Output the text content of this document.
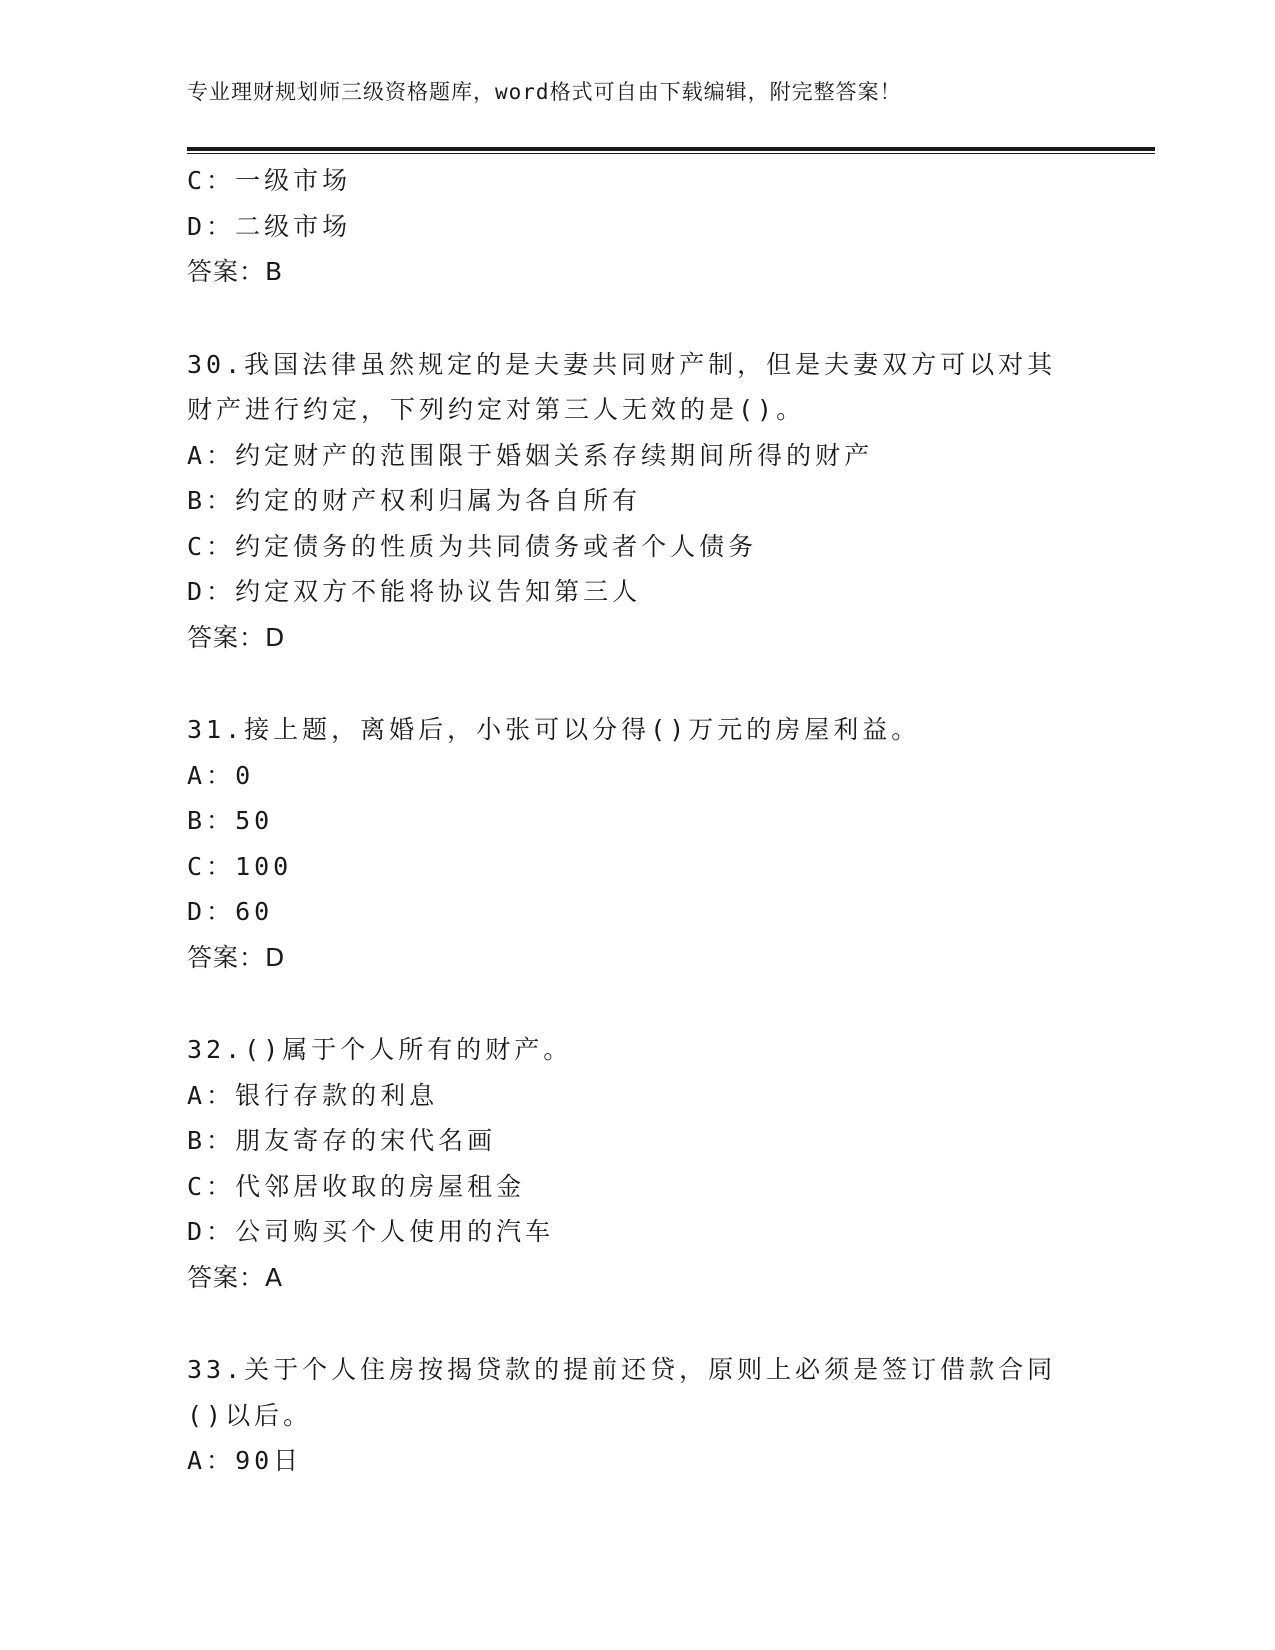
专业理财规划师三级资格题库，word格式可自由下载编辑，附完整答案！
C：一级市场
D：二级市场
答案：B
30.我国法律虽然规定的是夫妻共同财产制，但是夫妻双方可以对其财产进行约定，下列约定对第三人无效的是()。
A：约定财产的范围限于婚姻关系存续期间所得的财产
B：约定的财产权利归属为各自所有
C：约定债务的性质为共同债务或者个人债务
D：约定双方不能将协议告知第三人
答案：D
31.接上题，离婚后，小张可以分得()万元的房屋利益。
A：0
B：50
C：100
D：60
答案：D
32.()属于个人所有的财产。
A：银行存款的利息
B：朋友寄存的宋代名画
C：代邻居收取的房屋租金
D：公司购买个人使用的汽车
答案：A
33.关于个人住房按揭贷款的提前还贷，原则上必须是签订借款合同()以后。
A：90日
